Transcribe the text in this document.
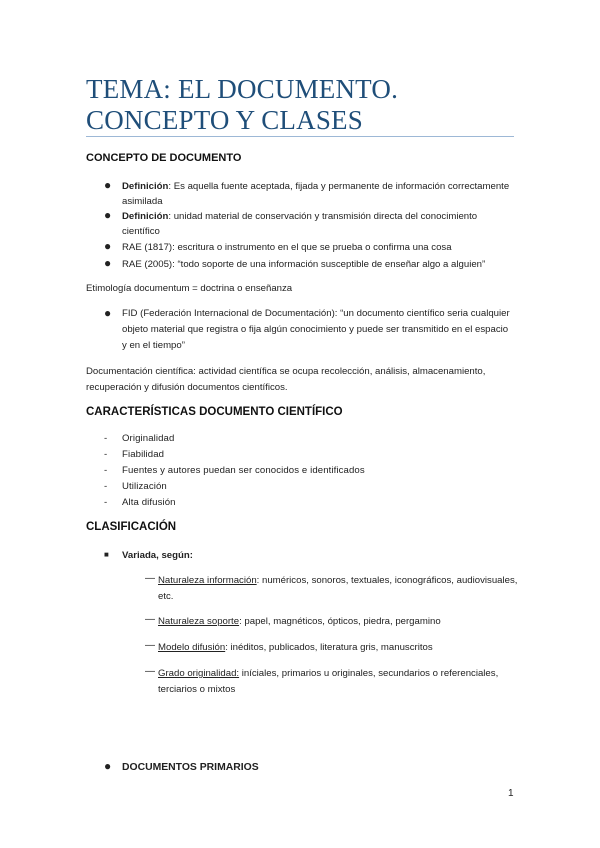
TEMA: EL DOCUMENTO. CONCEPTO Y CLASES
CONCEPTO DE DOCUMENTO
● Definición: Es aquella fuente aceptada, fijada y permanente de información correctamente asimilada
● Definición: unidad material de conservación y transmisión directa del conocimiento científico
● RAE (1817): escritura o instrumento en el que se prueba o confirma una cosa
● RAE (2005): “todo soporte de una información susceptible de enseñar algo a alguien”
Etimología documentum = doctrina o enseñanza
● FID (Federación Internacional de Documentación): “un documento científico seria cualquier objeto material que registra o fija algún conocimiento y puede ser transmitido en el espacio y en el tiempo”
Documentación científica: actividad científica se ocupa recolección, análisis, almacenamiento, recuperación y difusión documentos científicos.
CARACTERÍSTICAS DOCUMENTO CIENTÍFICO
- Originalidad
- Fiabilidad
- Fuentes y autores puedan ser conocidos e identificados
- Utilización
- Alta difusión
CLASIFICACIÓN
■ Variada, según:
— Naturaleza información: numéricos, sonoros, textuales, iconográficos, audiovisuales, etc.
— Naturaleza soporte: papel, magnéticos, ópticos, piedra, pergamino
— Modelo difusión: inéditos, publicados, literatura gris, manuscritos
— Grado originalidad: iníciales, primarios u originales, secundarios o referenciales, terciarios o mixtos
● DOCUMENTOS PRIMARIOS
1
